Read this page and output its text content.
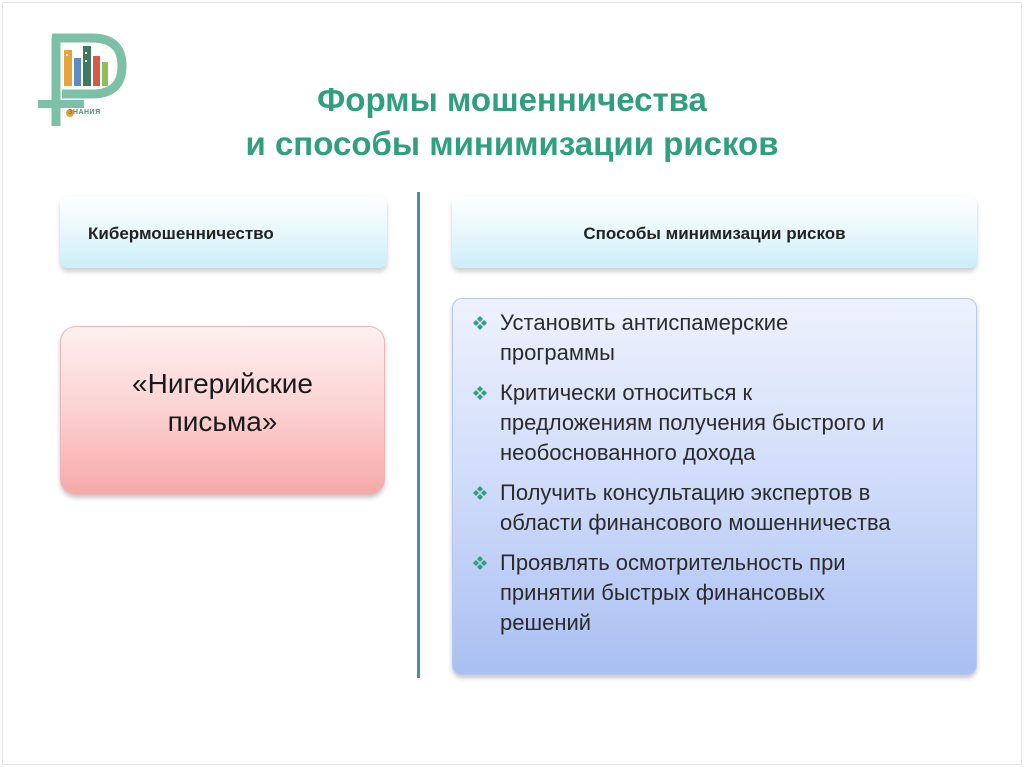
ЗНАНИЯ	Формы мошенничества
и способы минимизации рисков
Кибермошенничество	Способы минимизации рисков
«Нигерийские
письма»
Установить антиспамерские
программы
Критически относиться к
предложениям получения быстрого и
необоснованного дохода
Получить консультацию экспертов в
области финансового мошенничества
Проявлять осмотрительность при
принятии быстрых финансовых
решений
